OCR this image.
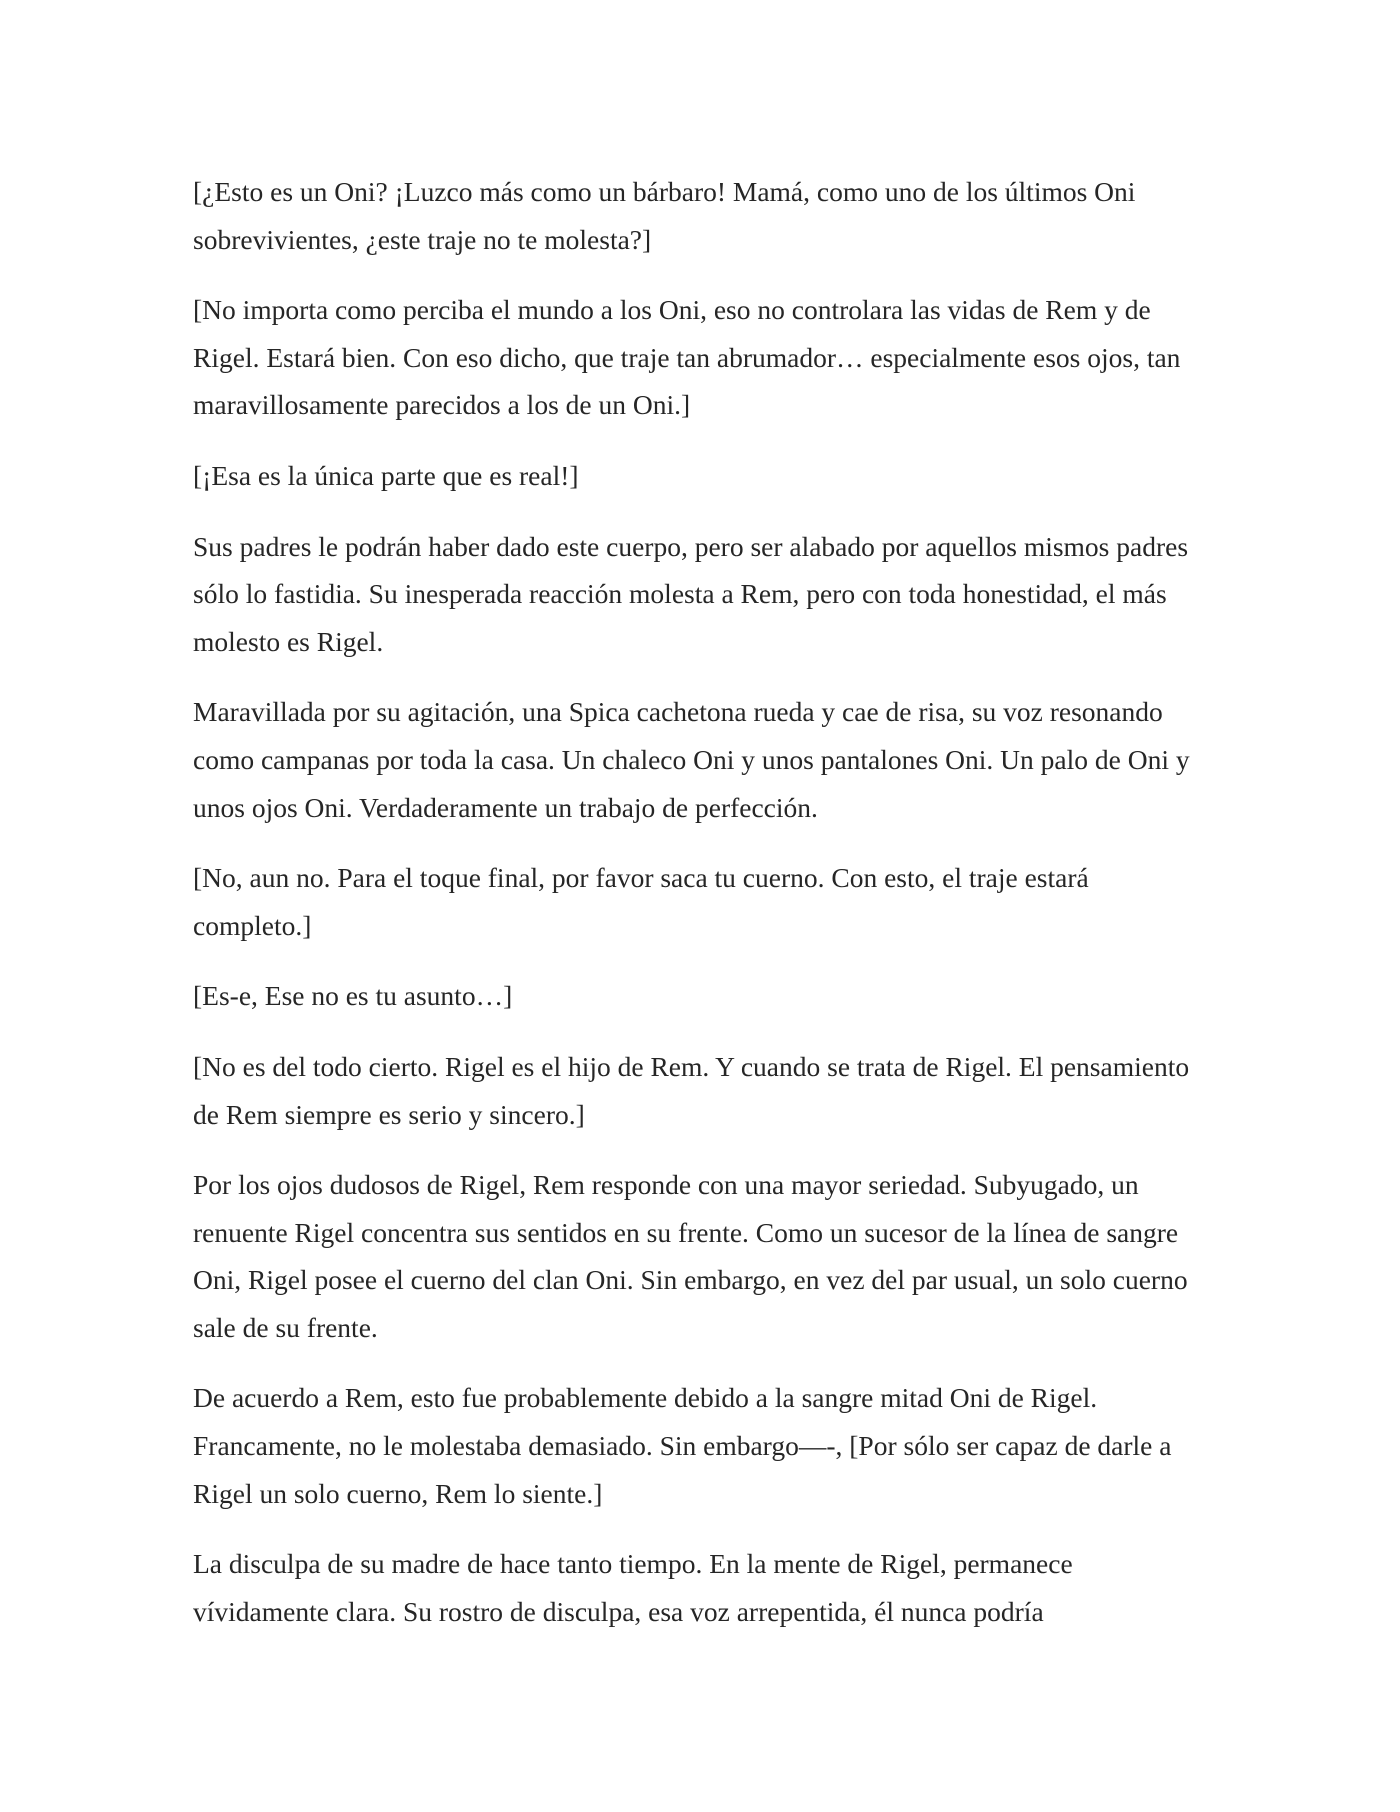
[¿Esto es un Oni? ¡Luzco más como un bárbaro! Mamá, como uno de los últimos Oni sobrevivientes, ¿este traje no te molesta?]

[No importa como perciba el mundo a los Oni, eso no controlara las vidas de Rem y de Rigel. Estará bien. Con eso dicho, que traje tan abrumador… especialmente esos ojos, tan maravillosamente parecidos a los de un Oni.]

[¡Esa es la única parte que es real!]

Sus padres le podrán haber dado este cuerpo, pero ser alabado por aquellos mismos padres sólo lo fastidia. Su inesperada reacción molesta a Rem, pero con toda honestidad, el más molesto es Rigel.

Maravillada por su agitación, una Spica cachetona rueda y cae de risa, su voz resonando como campanas por toda la casa. Un chaleco Oni y unos pantalones Oni. Un palo de Oni y unos ojos Oni. Verdaderamente un trabajo de perfección.

[No, aun no. Para el toque final, por favor saca tu cuerno. Con esto, el traje estará completo.]

[Es-e, Ese no es tu asunto…]

[No es del todo cierto. Rigel es el hijo de Rem. Y cuando se trata de Rigel. El pensamiento de Rem siempre es serio y sincero.]

Por los ojos dudosos de Rigel, Rem responde con una mayor seriedad. Subyugado, un renuente Rigel concentra sus sentidos en su frente. Como un sucesor de la línea de sangre Oni, Rigel posee el cuerno del clan Oni. Sin embargo, en vez del par usual, un solo cuerno sale de su frente.

De acuerdo a Rem, esto fue probablemente debido a la sangre mitad Oni de Rigel. Francamente, no le molestaba demasiado. Sin embargo—-, [Por sólo ser capaz de darle a Rigel un solo cuerno, Rem lo siente.]

La disculpa de su madre de hace tanto tiempo. En la mente de Rigel, permanece vívidamente clara. Su rostro de disculpa, esa voz arrepentida, él nunca podría
